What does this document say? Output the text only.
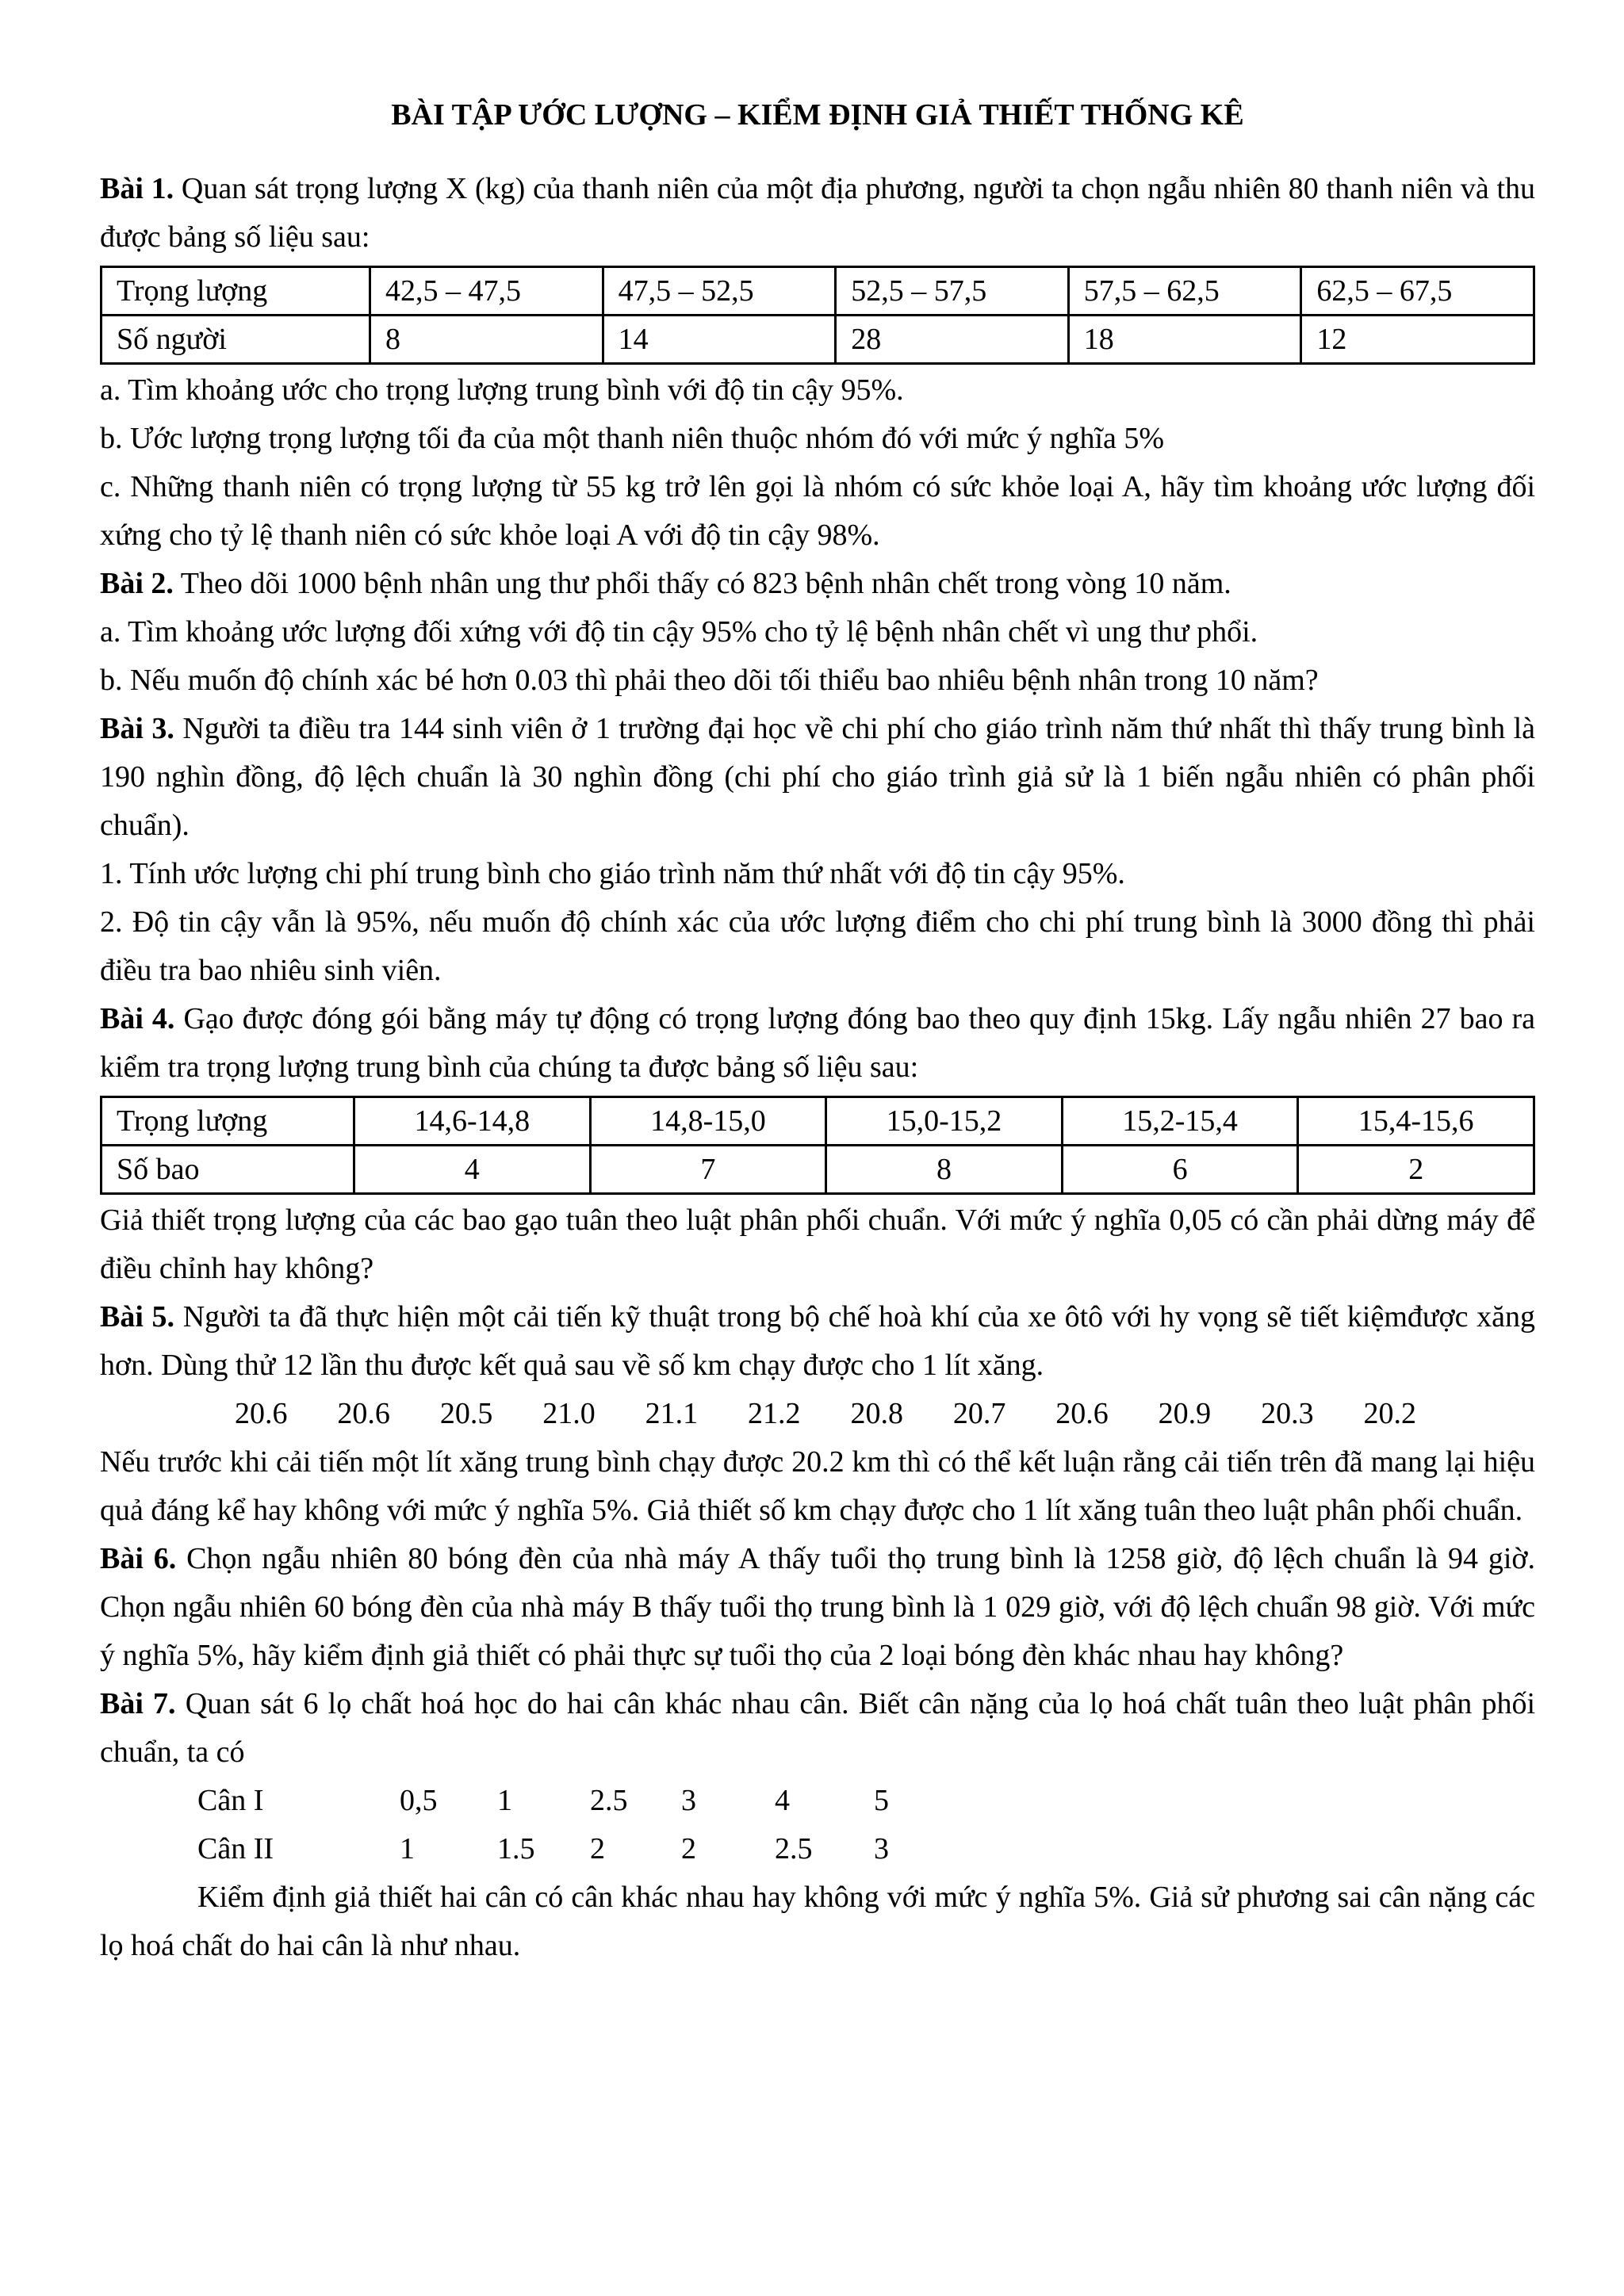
BÀI TẬP ƯỚC LƯỢNG – KIỂM ĐỊNH GIẢ THIẾT THỐNG KÊ

Bài 1. Quan sát trọng lượng X (kg) của thanh niên của một địa phương, người ta chọn ngẫu nhiên 80 thanh niên và thu được bảng số liệu sau:

Trọng lượng	42,5 – 47,5	47,5 – 52,5	52,5 – 57,5	57,5 – 62,5	62,5 – 67,5
Số người	8	14	28	18	12

a. Tìm khoảng ước cho trọng lượng trung bình với độ tin cậy 95%.

b. Ước lượng trọng lượng tối đa của một thanh niên thuộc nhóm đó với mức ý nghĩa 5%

c. Những thanh niên có trọng lượng từ 55 kg trở lên gọi là nhóm có sức khỏe loại A, hãy tìm khoảng ước lượng đối xứng cho tỷ lệ thanh niên có sức khỏe loại A với độ tin cậy 98%.

Bài 2. Theo dõi 1000 bệnh nhân ung thư phổi thấy có 823 bệnh nhân chết trong vòng 10 năm.

a. Tìm khoảng ước lượng đối xứng với độ tin cậy 95% cho tỷ lệ bệnh nhân chết vì ung thư phổi.

b. Nếu muốn độ chính xác bé hơn 0.03 thì phải theo dõi tối thiểu bao nhiêu bệnh nhân trong 10 năm?

Bài 3. Người ta điều tra 144 sinh viên ở 1 trường đại học về chi phí cho giáo trình năm thứ nhất thì thấy trung bình là 190 nghìn đồng, độ lệch chuẩn là 30 nghìn đồng (chi phí cho giáo trình giả sử là 1 biến ngẫu nhiên có phân phối chuẩn).

1. Tính ước lượng chi phí trung bình cho giáo trình năm thứ nhất với độ tin cậy 95%.

2. Độ tin cậy vẫn là 95%, nếu muốn độ chính xác của ước lượng điểm cho chi phí trung bình là 3000 đồng thì phải điều tra bao nhiêu sinh viên.

Bài 4. Gạo được đóng gói bằng máy tự động có trọng lượng đóng bao theo quy định 15kg. Lấy ngẫu nhiên 27 bao ra kiểm tra trọng lượng trung bình của chúng ta được bảng số liệu sau:

Trọng lượng	14,6-14,8	14,8-15,0	15,0-15,2	15,2-15,4	15,4-15,6
Số bao	4	7	8	6	2

Giả thiết trọng lượng của các bao gạo tuân theo luật phân phối chuẩn. Với mức ý nghĩa 0,05 có cần phải dừng máy để điều chỉnh hay không?

Bài 5. Người ta đã thực hiện một cải tiến kỹ thuật trong bộ chế hoà khí của xe ôtô với hy vọng sẽ tiết kiệmđược xăng hơn. Dùng thử 12 lần thu được kết quả sau về số km chạy được cho 1 lít xăng.

20.6 20.6 20.5 21.0 21.1 21.2 20.8 20.7 20.6 20.9 20.3 20.2

Nếu trước khi cải tiến một lít xăng trung bình chạy được 20.2 km thì có thể kết luận rằng cải tiến trên đã mang lại hiệu quả đáng kể hay không với mức ý nghĩa 5%. Giả thiết số km chạy được cho 1 lít xăng tuân theo luật phân phối chuẩn.

Bài 6. Chọn ngẫu nhiên 80 bóng đèn của nhà máy A thấy tuổi thọ trung bình là 1258 giờ, độ lệch chuẩn là 94 giờ. Chọn ngẫu nhiên 60 bóng đèn của nhà máy B thấy tuổi thọ trung bình là 1 029 giờ, với độ lệch chuẩn 98 giờ. Với mức ý nghĩa 5%, hãy kiểm định giả thiết có phải thực sự tuổi thọ của 2 loại bóng đèn khác nhau hay không?

Bài 7. Quan sát 6 lọ chất hoá học do hai cân khác nhau cân. Biết cân nặng của lọ hoá chất tuân theo luật phân phối chuẩn, ta có

Cân I	0,5	1	2.5	3	4	5
Cân II	1	1.5	2	2	2.5	3

Kiểm định giả thiết hai cân có cân khác nhau hay không với mức ý nghĩa 5%. Giả sử phương sai cân nặng các lọ hoá chất do hai cân là như nhau.
